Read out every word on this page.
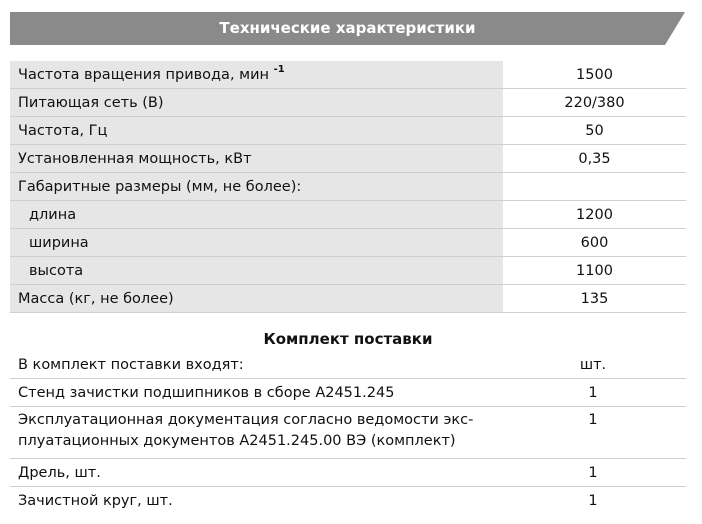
Технические характеристики
Частота вращения привода, мин $^{-1}$	1500
Питающая сеть (В)	220/380
Частота, Гц	50
Установленная мощность, кВт	0,35
Габаритные размеры (мм, не более):	
длина	1200
ширина	600
высота	1100
Масса (кг, не более)	135
Комплект поставки
В комплект поставки входят:	шт.
Стенд зачистки подшипников в сборе А2451.245	1
Эксплуатационная документация согласно ведомости экс-
плуатационных документов А2451.245.00 ВЭ (комплект)	1
Дрель, шт.	1
Зачистной круг, шт.	1
